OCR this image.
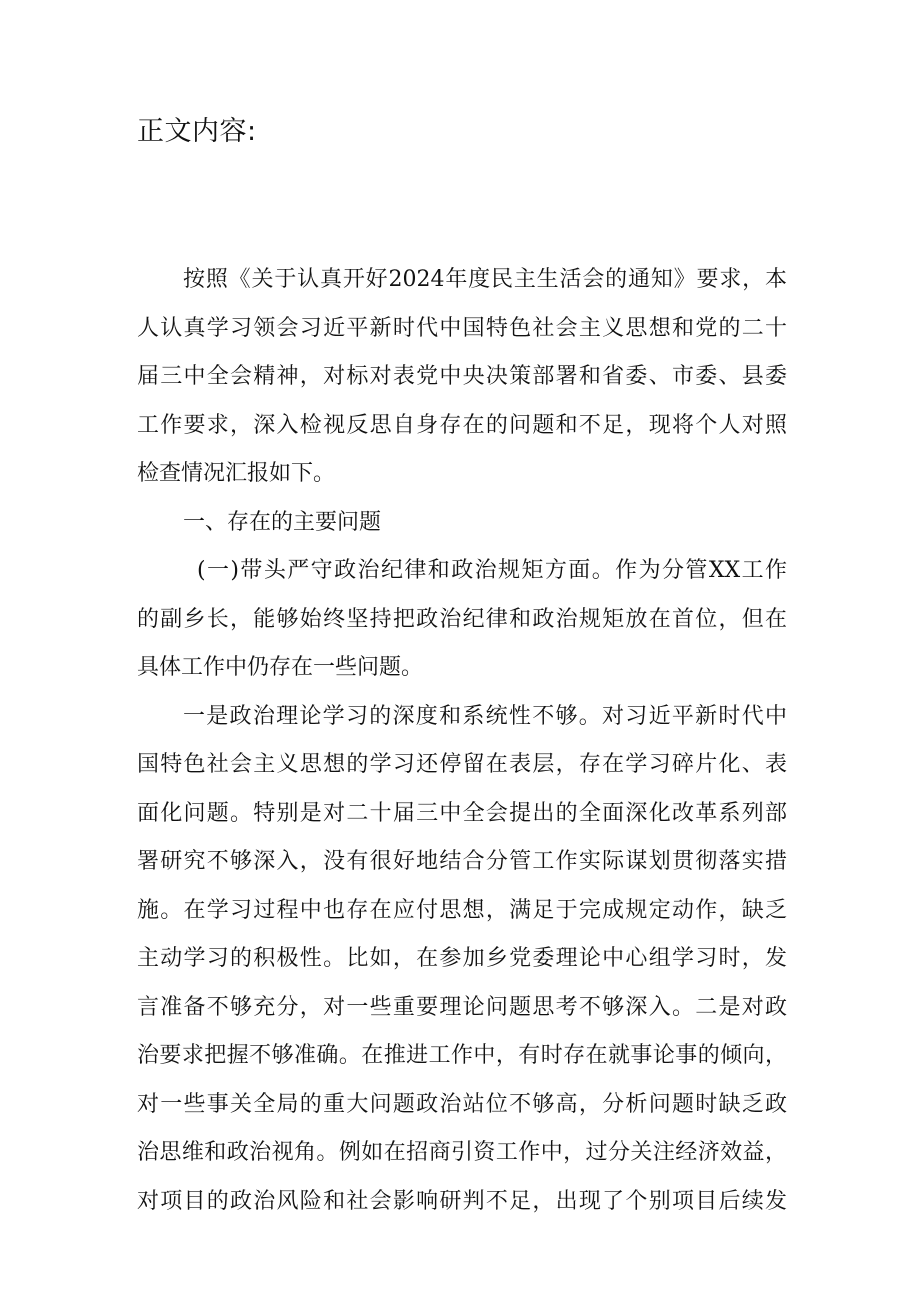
正文内容:
按照《关于认真开好2024年度民主生活会的通知》要求，本
人认真学习领会习近平新时代中国特色社会主义思想和党的二十
届三中全会精神，对标对表党中央决策部署和省委、市委、县委
工作要求，深入检视反思自身存在的问题和不足，现将个人对照
检查情况汇报如下。
一、存在的主要问题
(一)带头严守政治纪律和政治规矩方面。作为分管XX工作
的副乡长，能够始终坚持把政治纪律和政治规矩放在首位，但在
具体工作中仍存在一些问题。
一是政治理论学习的深度和系统性不够。对习近平新时代中
国特色社会主义思想的学习还停留在表层，存在学习碎片化、表
面化问题。特别是对二十届三中全会提出的全面深化改革系列部
署研究不够深入，没有很好地结合分管工作实际谋划贯彻落实措
施。在学习过程中也存在应付思想，满足于完成规定动作，缺乏
主动学习的积极性。比如，在参加乡党委理论中心组学习时，发
言准备不够充分，对一些重要理论问题思考不够深入。二是对政
治要求把握不够准确。在推进工作中，有时存在就事论事的倾向，
对一些事关全局的重大问题政治站位不够高，分析问题时缺乏政
治思维和政治视角。例如在招商引资工作中，过分关注经济效益，
对项目的政治风险和社会影响研判不足，出现了个别项目后续发
